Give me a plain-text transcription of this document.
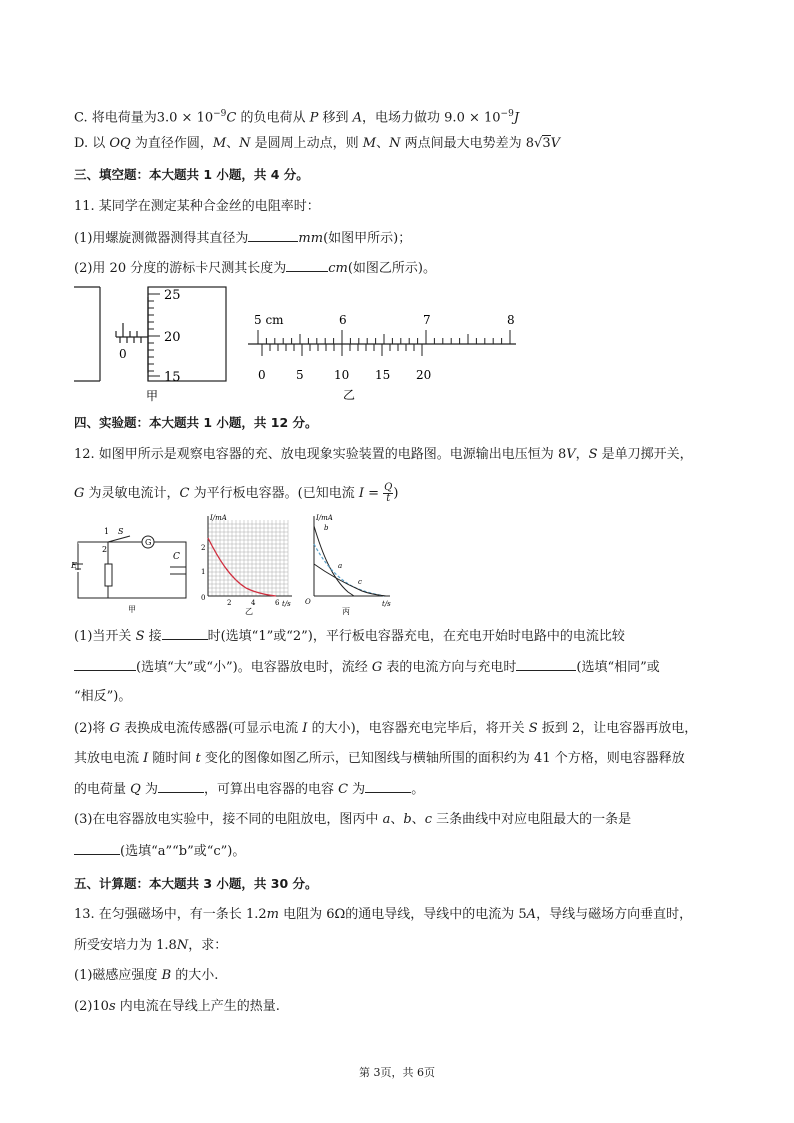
C. 将电荷量为$3.0 \times 10^{-9}C$ 的负电荷从 P 移到 A，电场力做功 $9.0 \times 10^{-9}J$
D. 以 OQ 为直径作圆，M、N 是圆周上动点，则 M、N 两点间最大电势差为 8√3V
三、填空题：本大题共 1 小题，共 4 分。
11. 某同学在测定某种合金丝的电阻率时：
(1)用螺旋测微器测得其直径为	mm(如图甲所示)；
(2)用 20 分度的游标卡尺测其长度为	cm(如图乙所示)。
25
20
15
0
甲
5 cm	6	7	8
0	5	10 15 20
乙
四、实验题：本大题共 1 小题，共 12 分。
12. 如图甲所示是观察电容器的充、放电现象实验装置的电路图。电源输出电压恒为 8V，S 是单刀掷开关，
G 为灵敏电流计，C 为平行板电容器。(已知电流 $I = \frac{Q}{t}$ )
G
1
2
S
C
E
甲
I/mA
t/s
0
2
1
2	4	6
乙
I/mA
t/s
O
a
b
c
丙
(1)当开关 S 接	时(选填“1”或“2”)，平行板电容器充电，在充电开始时电路中的电流比较
(选填“大”或“小”)。电容器放电时，流经 G 表的电流方向与充电时	(选填“相同”或
“相反”)。
(2)将 G 表换成电流传感器(可显示电流 I 的大小)，电容器充电完毕后，将开关 S 扳到 2，让电容器再放电，
其放电电流 I 随时间 t 变化的图像如图乙所示，已知图线与横轴所围的面积约为 41 个方格，则电容器释放
的电荷量 Q 为	，可算出电容器的电容 C 为	。
(3)在电容器放电实验中，接不同的电阻放电，图丙中 a、b、c 三条曲线中对应电阻最大的一条是
(选填“a”“b”或“c”)。
五、计算题：本大题共 3 小题，共 30 分。
13. 在匀强磁场中，有一条长 1.2m 电阻为 6Ω的通电导线，导线中的电流为 5A，导线与磁场方向垂直时，
所受安培力为 1.8N，求：
(1)磁感应强度 B 的大小.
(2)10s 内电流在导线上产生的热量.
第 3页，共 6页
